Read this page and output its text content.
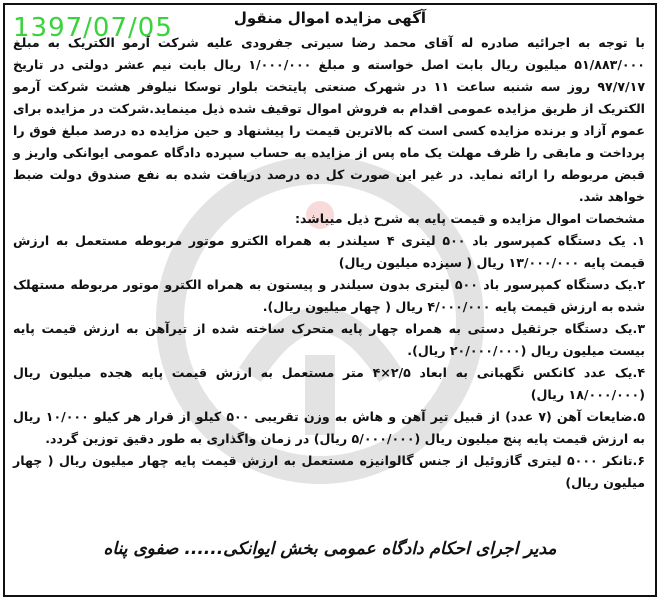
1397/07/05	آگهی مزایده اموال منقول

با توجه به اجرائیه صادره له آقای محمد رضا سیرتی جفرودی علیه شرکت آرمو الکتریک به مبلغ ۵۱/۸۸۳/۰۰۰ میلیون ریال بابت اصل خواسته و مبلغ ۱/۰۰۰/۰۰۰ ریال بابت نیم عشر دولتی در تاریخ ۹۷/۷/۱۷ روز سه شنبه ساعت ۱۱ در شهرک صنعتی پایتخت بلوار توسکا نیلوفر هشت شرکت آرمو الکتریک از طریق مزایده عمومی اقدام به فروش اموال توقیف شده ذیل مینماید.شرکت در مزایده برای عموم آزاد و برنده مزایده کسی است که بالاترین قیمت را پیشنهاد و حین مزایده ده درصد مبلغ فوق را پرداخت و مابقی را ظرف مهلت یک ماه پس از مزایده به حساب سپرده دادگاه عمومی ایوانکی واریز و قبض مربوطه را ارائه نماید. در غیر این صورت کل ده درصد دریافت شده به نفع صندوق دولت ضبط خواهد شد.

مشخصات اموال مزایده و قیمت پایه به شرح ذیل میباشد:

۱. یک دستگاه کمپرسور باد ۵۰۰ لیتری ۴ سیلندر به همراه الکترو موتور مربوطه مستعمل به ارزش قیمت پایه ۱۳/۰۰۰/۰۰۰ ریال ( سیزده میلیون ریال)

۲.یک دستگاه کمپرسور باد ۵۰۰ لیتری بدون سیلندر و پیستون به همراه الکترو موتور مربوطه مستهلک شده به ارزش قیمت پایه ۴/۰۰۰/۰۰۰ ریال ( چهار میلیون ریال).

۳.یک دستگاه جرثقیل دستی به همراه چهار پایه متحرک ساخته شده از تیرآهن به ارزش قیمت پایه بیست میلیون ریال (۲۰/۰۰۰/۰۰۰ ریال).

۴.یک عدد کانکس نگهبانی به ابعاد ۲/۵×۴ متر مستعمل به ارزش قیمت پایه هجده میلیون ریال (۱۸/۰۰۰/۰۰۰ ریال)

۵.ضایعات آهن (۷ عدد) از قبیل تیر آهن و هاش به وزن تقریبی ۵۰۰ کیلو از قرار هر کیلو ۱۰/۰۰۰ ریال به ارزش قیمت پایه پنج میلیون ریال (۵/۰۰۰/۰۰۰ ریال) در زمان واگذاری به طور دقیق توزین گردد.

۶.تانکر ۵۰۰۰ لیتری گازوئیل از جنس گالوانیزه مستعمل به ارزش قیمت پایه چهار میلیون ریال ( چهار میلیون ریال)

مدیر اجرای احکام دادگاه عمومی بخش ایوانکی...... صفوی پناه
